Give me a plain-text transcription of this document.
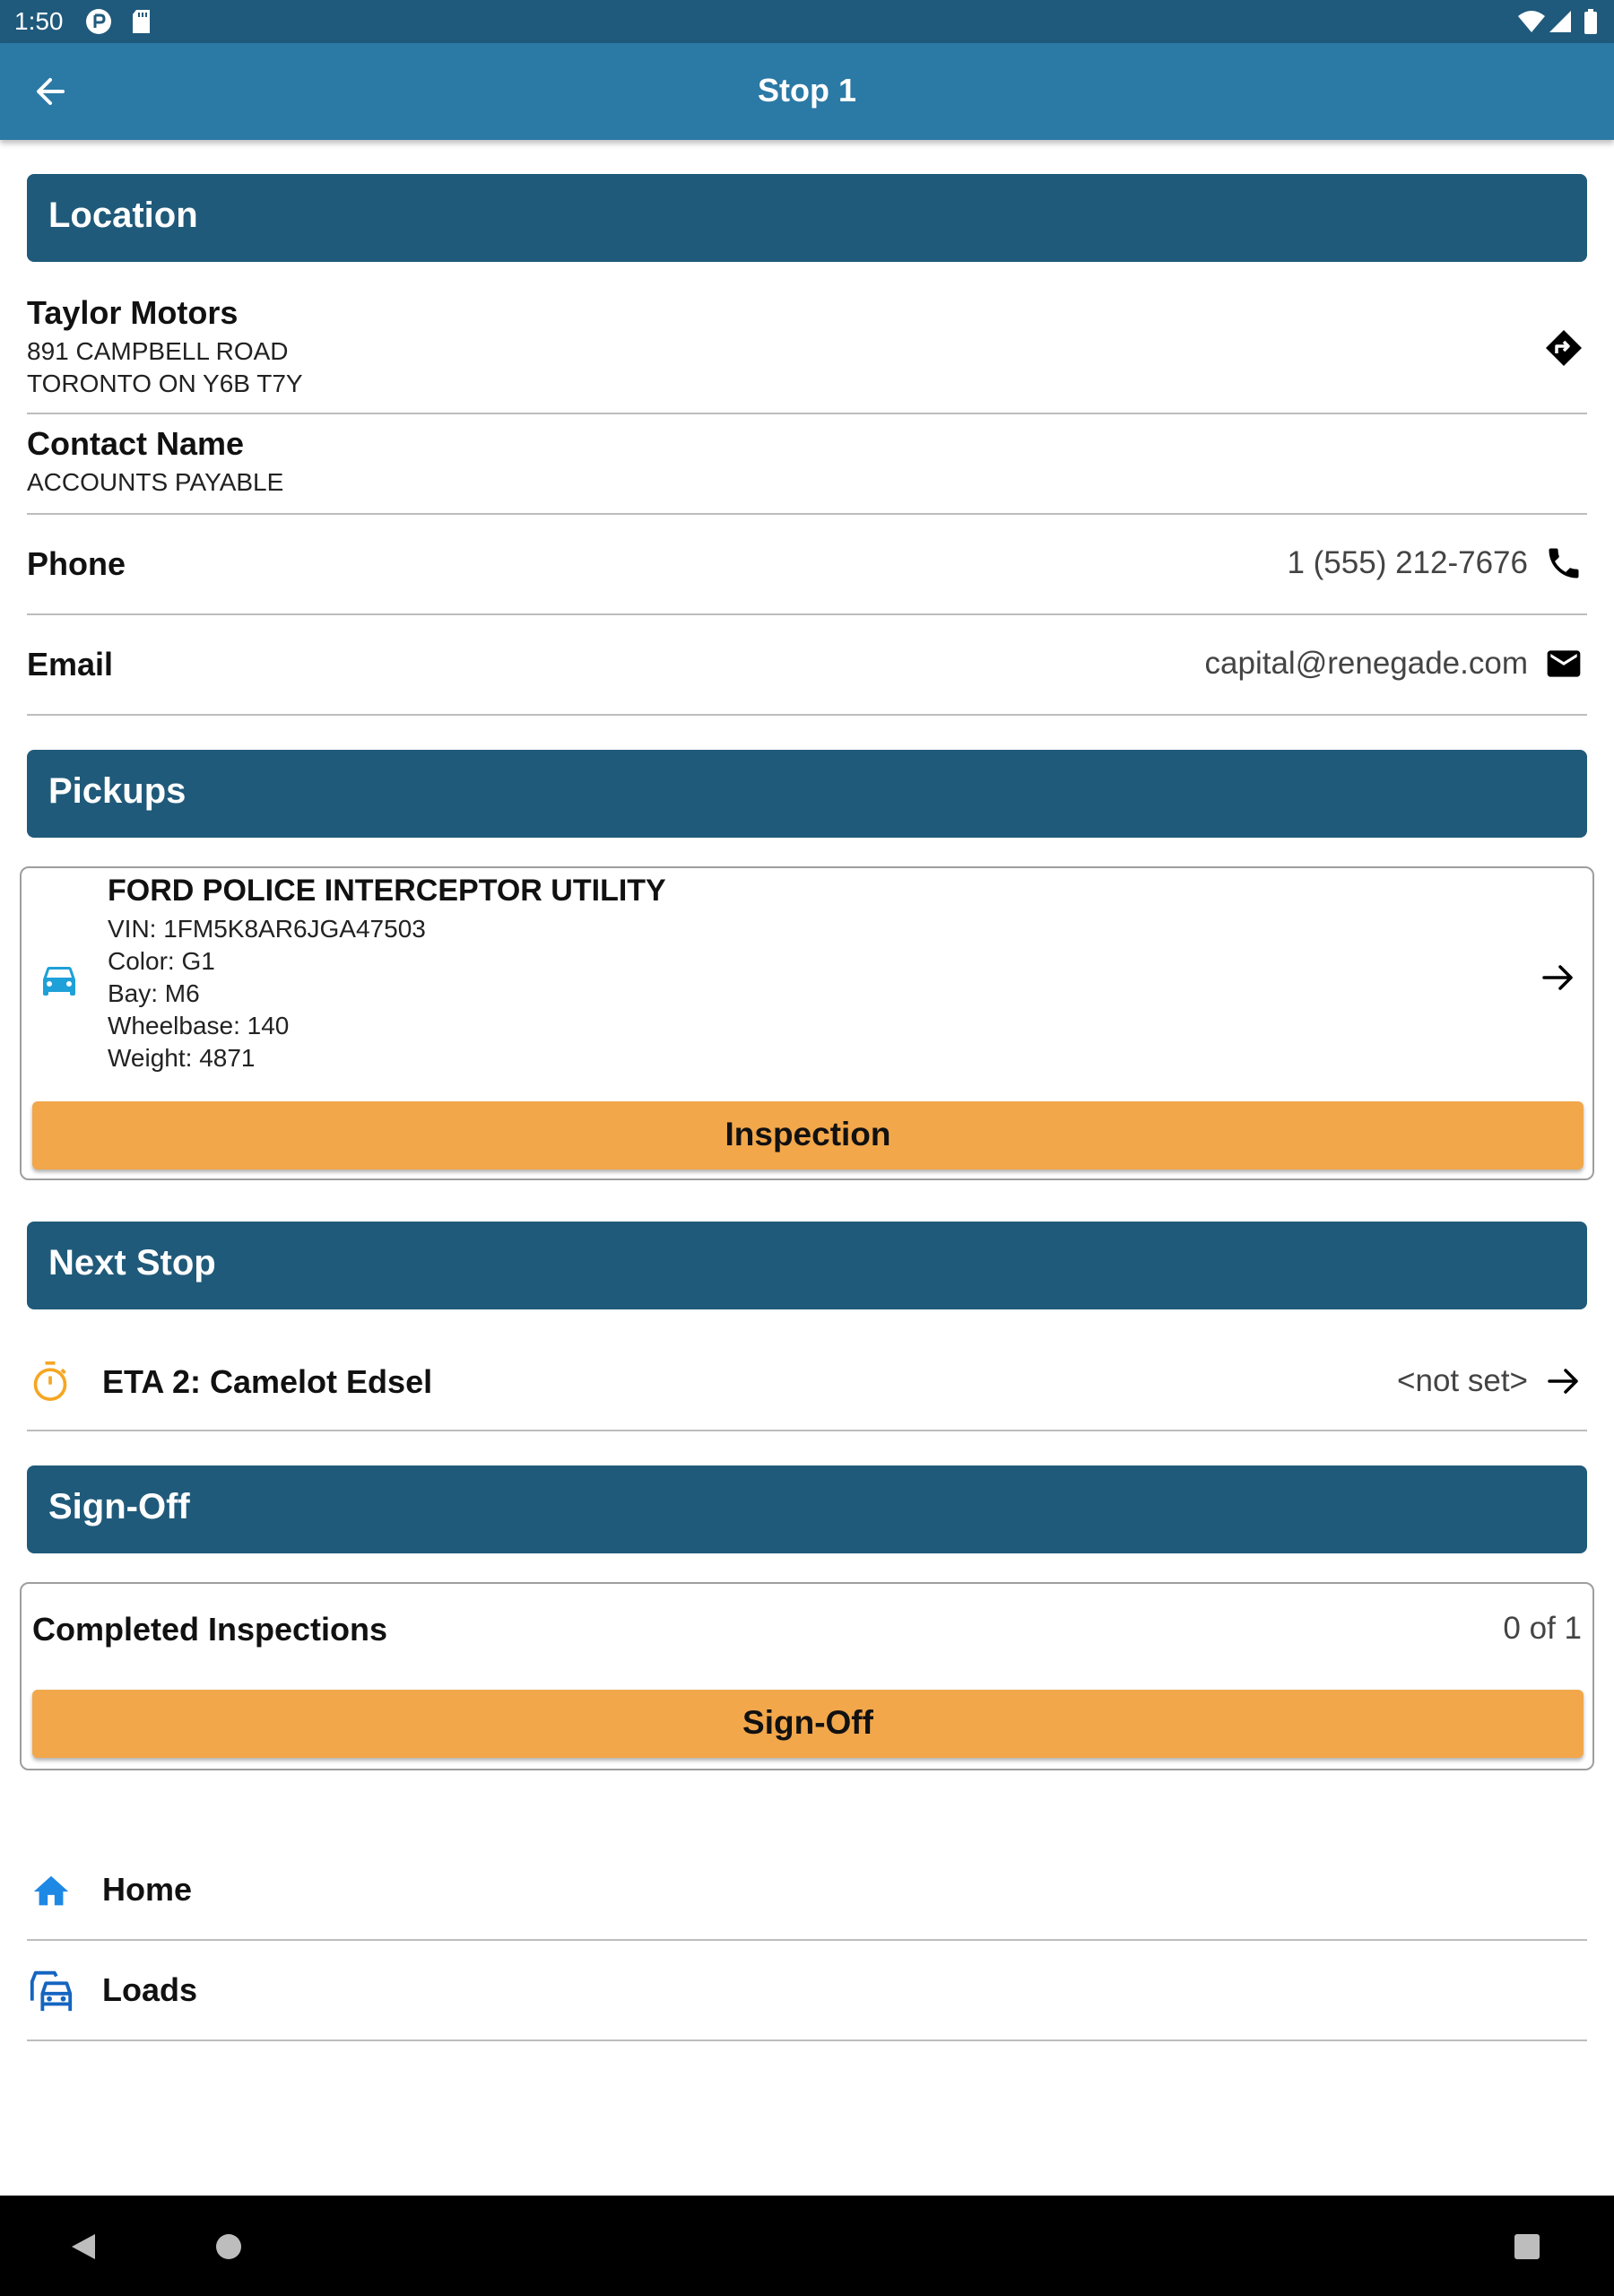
1:50
Stop 1
Location
Taylor Motors
891 CAMPBELL ROAD
TORONTO ON Y6B T7Y
Contact Name
ACCOUNTS PAYABLE
Phone	1 (555) 212-7676
Email	capital@renegade.com
Pickups
FORD POLICE INTERCEPTOR UTILITY
VIN: 1FM5K8AR6JGA47503
Color: G1
Bay: M6
Wheelbase: 140
Weight: 4871
Inspection
Next Stop
ETA 2: Camelot Edsel	<not set>
Sign-Off
Completed Inspections	0 of 1
Sign-Off
Home
Loads
